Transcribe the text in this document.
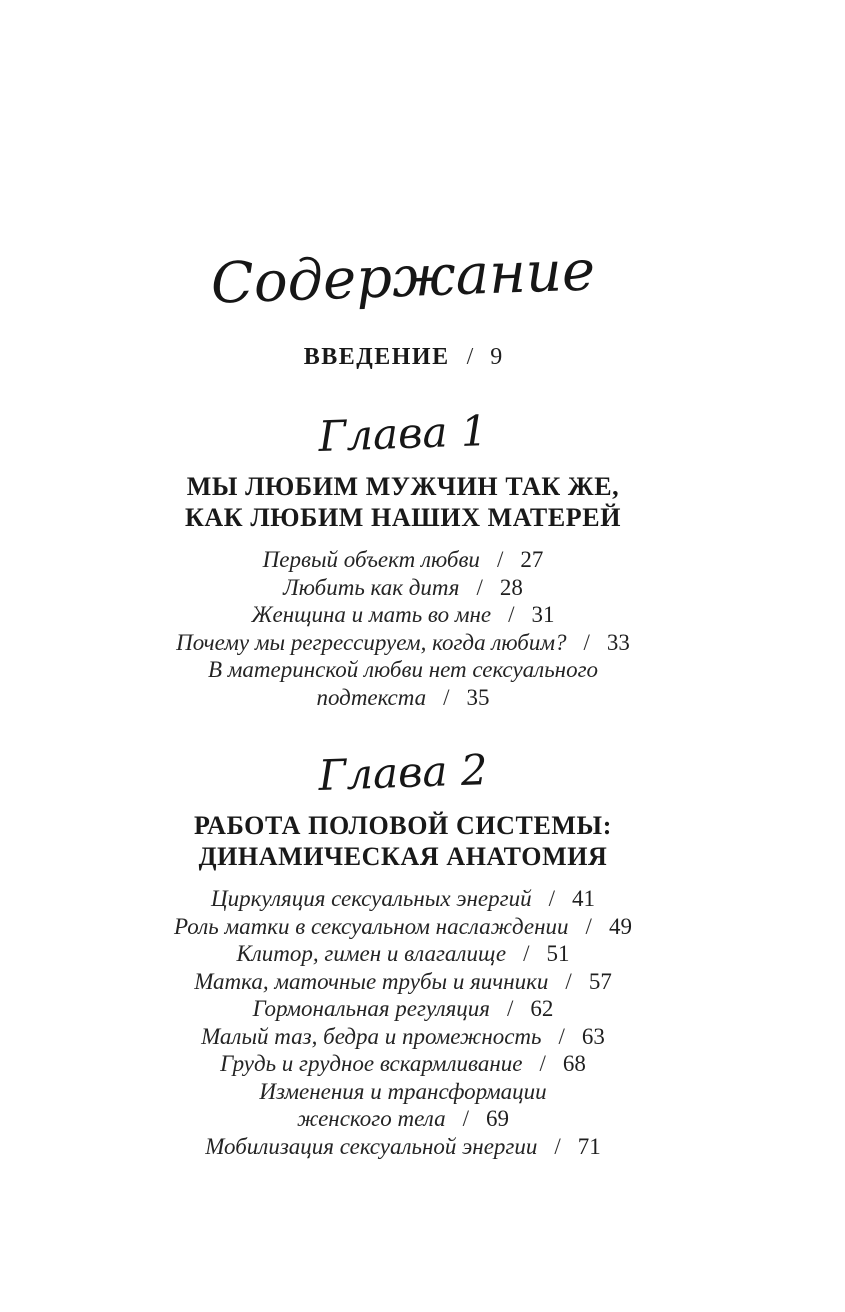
Содержание
ВВЕДЕНИЕ / 9
Глава 1
МЫ ЛЮБИМ МУЖЧИН ТАК ЖЕ,
КАК ЛЮБИМ НАШИХ МАТЕРЕЙ
Первый объект любви / 27
Любить как дитя / 28
Женщина и мать во мне / 31
Почему мы регрессируем, когда любим? / 33
В материнской любви нет сексуального
подтекста / 35
Глава 2
РАБОТА ПОЛОВОЙ СИСТЕМЫ:
ДИНАМИЧЕСКАЯ АНАТОМИЯ
Циркуляция сексуальных энергий / 41
Роль матки в сексуальном наслаждении / 49
Клитор, гимен и влагалище / 51
Матка, маточные трубы и яичники / 57
Гормональная регуляция / 62
Малый таз, бедра и промежность / 63
Грудь и грудное вскармливание / 68
Изменения и трансформации
женского тела / 69
Мобилизация сексуальной энергии / 71
